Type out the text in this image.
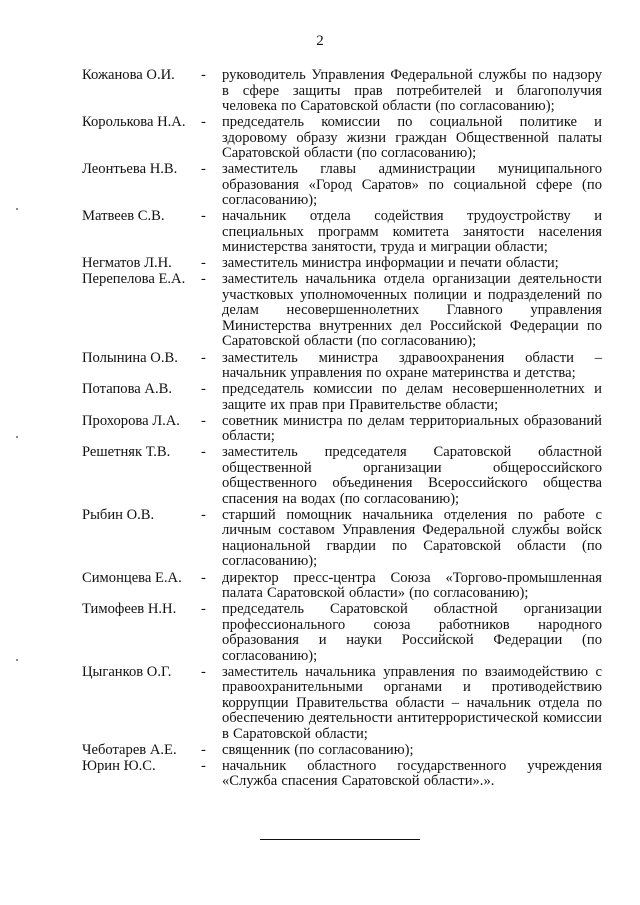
2
Кожанова О.И.	-	руководитель Управления Федеральной службы по надзору в сфере защиты прав потребителей и благополучия человека по Саратовской области (по согласованию);
Королькова Н.А.	-	председатель комиссии по социальной политике и здоровому образу жизни граждан Общественной палаты Саратовской области (по согласованию);
Леонтьева Н.В.	-	заместитель главы администрации муниципального образования «Город Саратов» по социальной сфере (по согласованию);
Матвеев С.В.	-	начальник отдела содействия трудоустройству и специальных программ комитета занятости населения министерства занятости, труда и миграции области;
Негматов Л.Н.	-	заместитель министра информации и печати области;
Перепелова Е.А.	-	заместитель начальника отдела организации деятельности участковых уполномоченных полиции и подразделений по делам несовершеннолетних Главного управления Министерства внутренних дел Российской Федерации по Саратовской области (по согласованию);
Полынина О.В.	-	заместитель министра здравоохранения области – начальник управления по охране материнства и детства;
Потапова А.В.	-	председатель комиссии по делам несовершеннолетних и защите их прав при Правительстве области;
Прохорова Л.А.	-	советник министра по делам территориальных образований области;
Решетняк Т.В.	-	заместитель председателя Саратовской областной общественной организации общероссийского общественного объединения Всероссийского общества спасения на водах (по согласованию);
Рыбин О.В.	-	старший помощник начальника отделения по работе с личным составом Управления Федеральной службы войск национальной гвардии по Саратовской области (по согласованию);
Симонцева Е.А.	-	директор пресс-центра Союза «Торгово-промышленная палата Саратовской области» (по согласованию);
Тимофеев Н.Н.	-	председатель Саратовской областной организации профессионального союза работников народного образования и науки Российской Федерации (по согласованию);
Цыганков О.Г.	-	заместитель начальника управления по взаимодействию с правоохранительными органами и противодействию коррупции Правительства области – начальник отдела по обеспечению деятельности антитеррористической комиссии в Саратовской области;
Чеботарев А.Е.	-	священник (по согласованию);
Юрин Ю.С.	-	начальник областного государственного учреждения «Служба спасения Саратовской области».».
